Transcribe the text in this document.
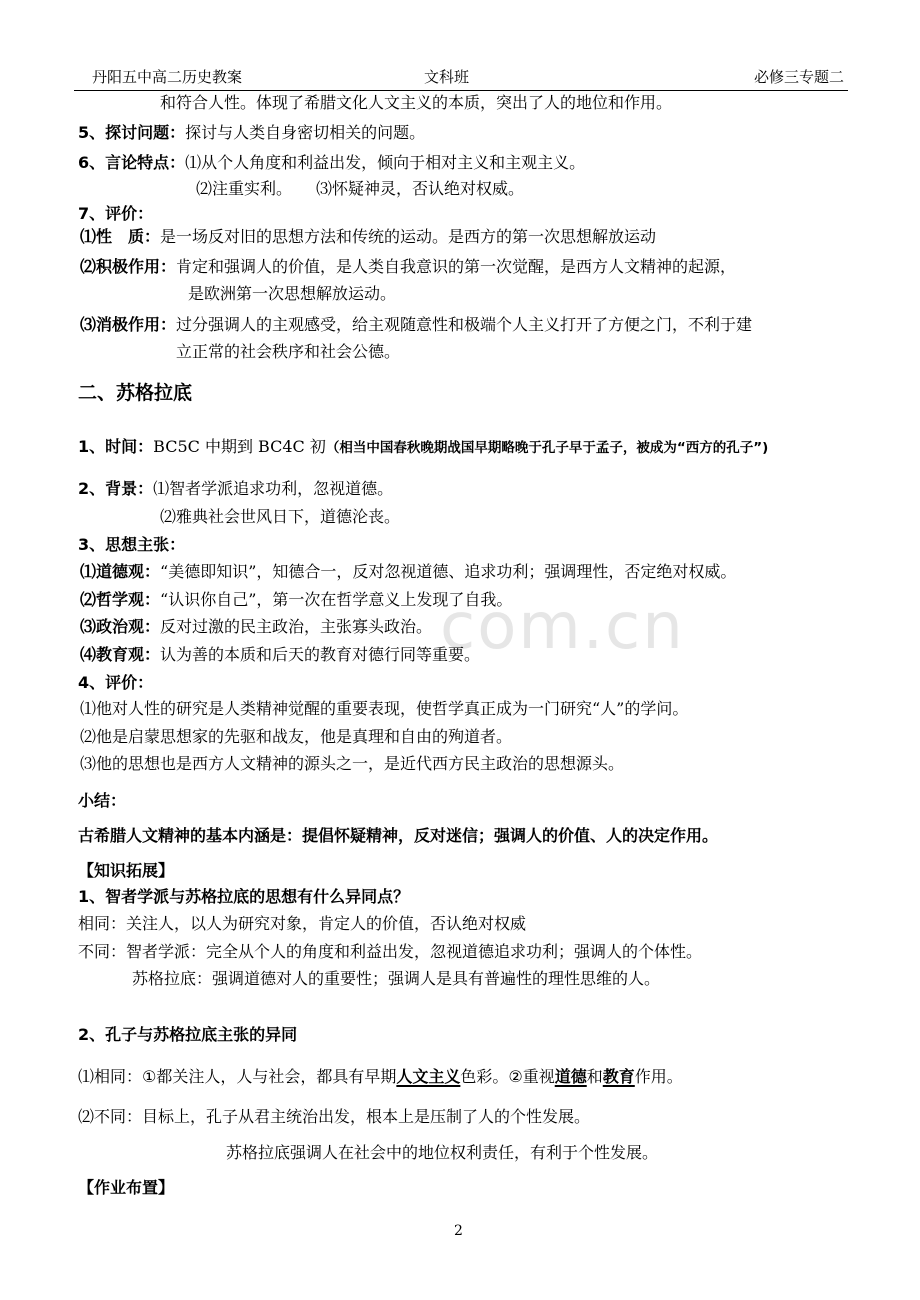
丹阳五中高二历史教案	文科班	必修三专题二
com.cn
和符合人性。体现了希腊文化人文主义的本质，突出了人的地位和作用。
5、探讨问题：探讨与人类自身密切相关的问题。
6、言论特点：⑴从个人角度和利益出发，倾向于相对主义和主观主义。
⑵注重实利。　　⑶怀疑神灵，否认绝对权威。
7、评价：
⑴性　质：是一场反对旧的思想方法和传统的运动。是西方的第一次思想解放运动
⑵积极作用：肯定和强调人的价值，是人类自我意识的第一次觉醒，是西方人文精神的起源，
是欧洲第一次思想解放运动。
⑶消极作用：过分强调人的主观感受，给主观随意性和极端个人主义打开了方便之门，不利于建
立正常的社会秩序和社会公德。
二、苏格拉底
1、时间：BC5C 中期到 BC4C 初（相当中国春秋晚期战国早期略晚于孔子早于孟子，被成为“西方的孔子”)
2、背景：⑴智者学派追求功利，忽视道德。
⑵雅典社会世风日下，道德沦丧。
3、思想主张：
⑴道德观：“美德即知识”，知德合一，反对忽视道德、追求功利；强调理性，否定绝对权威。
⑵哲学观：“认识你自己”，第一次在哲学意义上发现了自我。
⑶政治观：反对过激的民主政治，主张寡头政治。
⑷教育观：认为善的本质和后天的教育对德行同等重要。
4、评价：
⑴他对人性的研究是人类精神觉醒的重要表现，使哲学真正成为一门研究“人”的学问。
⑵他是启蒙思想家的先驱和战友，他是真理和自由的殉道者。
⑶他的思想也是西方人文精神的源头之一，是近代西方民主政治的思想源头。
小结：
古希腊人文精神的基本内涵是：提倡怀疑精神，反对迷信；强调人的价值、人的决定作用。
【知识拓展】
1、智者学派与苏格拉底的思想有什么异同点？
相同：关注人，以人为研究对象，肯定人的价值，否认绝对权威
不同：智者学派：完全从个人的角度和利益出发，忽视道德追求功利；强调人的个体性。
苏格拉底：强调道德对人的重要性；强调人是具有普遍性的理性思维的人。
2、孔子与苏格拉底主张的异同
⑴相同：①都关注人，人与社会，都具有早期人文主义色彩。②重视道德和教育作用。
⑵不同：目标上，孔子从君主统治出发，根本上是压制了人的个性发展。
苏格拉底强调人在社会中的地位权利责任，有利于个性发展。
【作业布置】
2
